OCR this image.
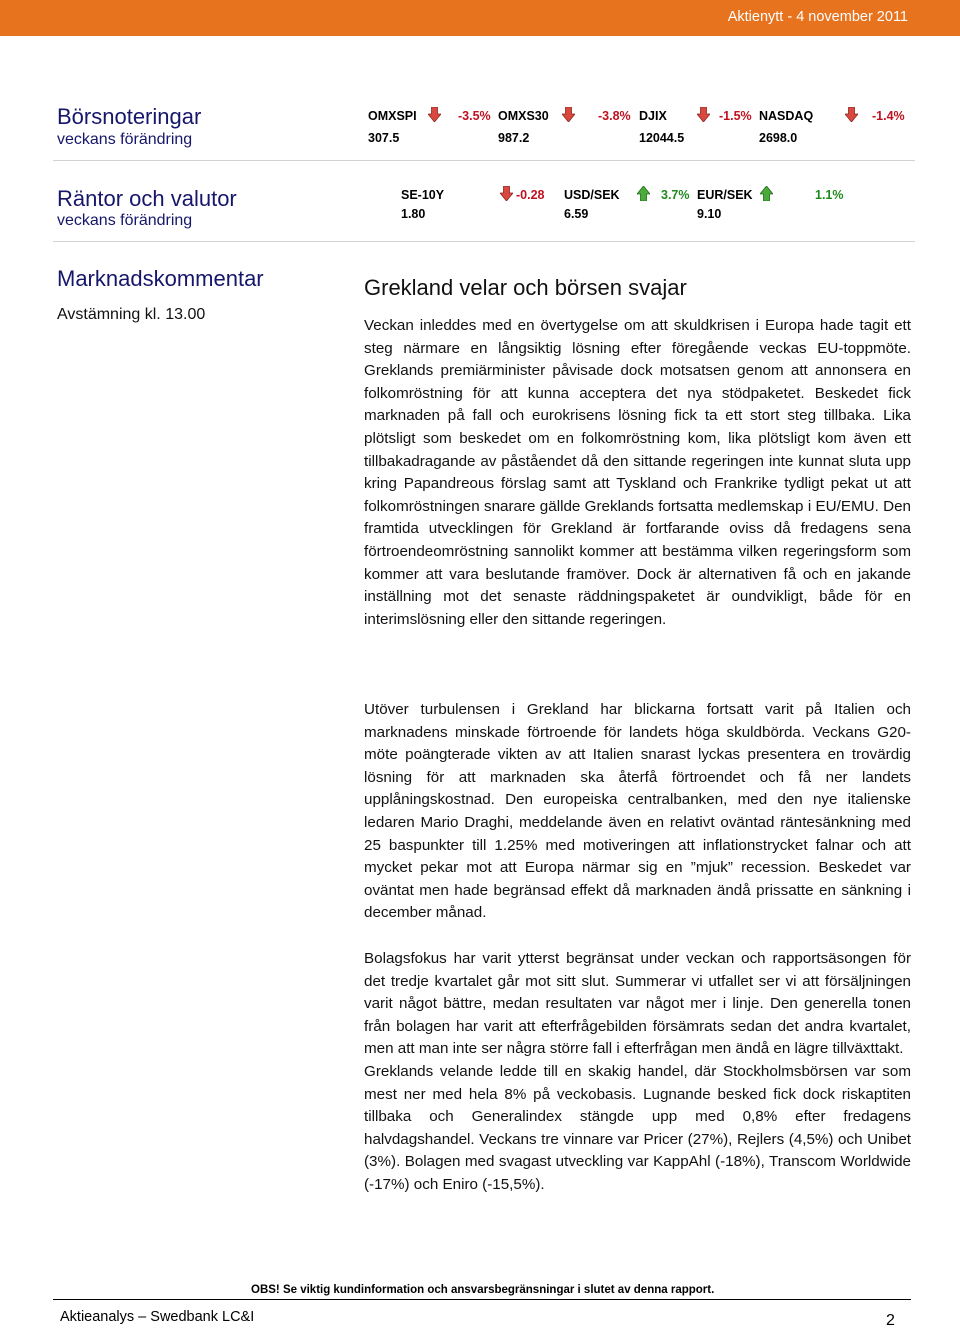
Aktienytt - 4 november 2011
Börsnoteringar
veckans förändring
OMXSPI	-3.5%
307.5
OMXS30	-3.8%
987.2
DJIX	-1.5%
12044.5
NASDAQ	-1.4%
2698.0
Räntor och valutor
veckans förändring
SE-10Y	-0.28
1.80
USD/SEK	3.7%
6.59
EUR/SEK	1.1%
9.10
Marknadskommentar
Avstämning kl. 13.00
Grekland velar och börsen svajar

Veckan inleddes med en övertygelse om att skuldkrisen i Europa hade tagit ett steg närmare en långsiktig lösning efter föregående veckas EU-toppmöte. Greklands premiärminister påvisade dock motsatsen genom att annonsera en folkomröstning för att kunna acceptera det nya stödpaketet. Beskedet fick marknaden på fall och eurokrisens lösning fick ta ett stort steg tillbaka. Lika plötsligt som beskedet om en folkomröstning kom, lika plötsligt kom även ett tillbakadragande av påståendet då den sittande regeringen inte kunnat sluta upp kring Papandreous förslag samt att Tyskland och Frankrike tydligt pekat ut att folkomröstningen snarare gällde Greklands fortsatta medlemskap i EU/EMU. Den framtida utvecklingen för Grekland är fortfarande oviss då fredagens sena förtroendeomröstning sannolikt kommer att bestämma vilken regeringsform som kommer att vara beslutande framöver. Dock är alternativen få och en jakande inställning mot det senaste räddningspaketet är oundvikligt, både för en interimslösning eller den sittande regeringen.

Utöver turbulensen i Grekland har blickarna fortsatt varit på Italien och marknadens minskade förtroende för landets höga skuldbörda. Veckans G20-möte poängterade vikten av att Italien snarast lyckas presentera en trovärdig lösning för att marknaden ska återfå förtroendet och få ner landets upplåningskostnad. Den europeiska centralbanken, med den nye italienske ledaren Mario Draghi, meddelande även en relativt oväntad räntesänkning med 25 baspunkter till 1.25% med motiveringen att inflationstrycket falnar och att mycket pekar mot att Europa närmar sig en ”mjuk” recession. Beskedet var oväntat men hade begränsad effekt då marknaden ändå prissatte en sänkning i december månad.

Bolagsfokus har varit ytterst begränsat under veckan och rapportsäsongen för det tredje kvartalet går mot sitt slut. Summerar vi utfallet ser vi att försäljningen varit något bättre, medan resultaten var något mer i linje. Den generella tonen från bolagen har varit att efterfrågebilden försämrats sedan det andra kvartalet, men att man inte ser några större fall i efterfrågan men ändå en lägre tillväxttakt.

Greklands velande ledde till en skakig handel, där Stockholmsbörsen var som mest ner med hela 8% på veckobasis. Lugnande besked fick dock riskaptiten tillbaka och Generalindex stängde upp med 0,8% efter fredagens halvdagshandel. Veckans tre vinnare var Pricer (27%), Rejlers (4,5%) och Unibet (3%). Bolagen med svagast utveckling var KappAhl (-18%), Transcom Worldwide (-17%) och Eniro (-15,5%).

OBS! Se viktig kundinformation och ansvarsbegränsningar i slutet av denna rapport.
Aktieanalys – Swedbank LC&I	2
